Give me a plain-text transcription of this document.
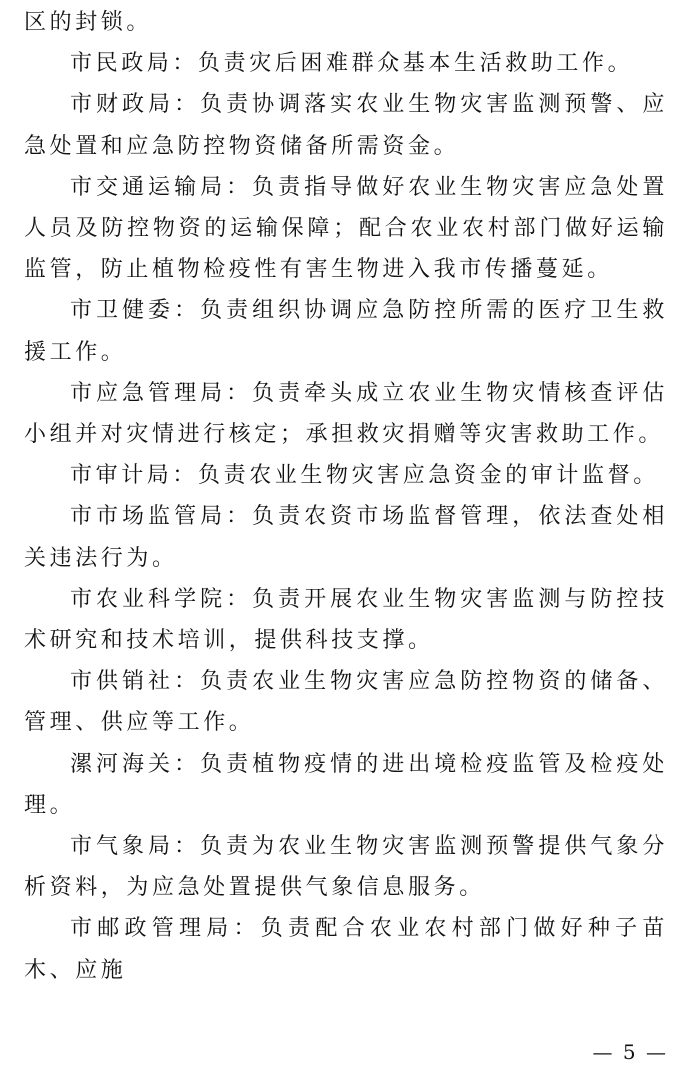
区的封锁。

市民政局：负责灾后困难群众基本生活救助工作。

市财政局：负责协调落实农业生物灾害监测预警、应急处置和应急防控物资储备所需资金。

市交通运输局：负责指导做好农业生物灾害应急处置人员及防控物资的运输保障；配合农业农村部门做好运输监管，防止植物检疫性有害生物进入我市传播蔓延。

市卫健委：负责组织协调应急防控所需的医疗卫生救援工作。

市应急管理局：负责牵头成立农业生物灾情核查评估小组并对灾情进行核定；承担救灾捐赠等灾害救助工作。

市审计局：负责农业生物灾害应急资金的审计监督。

市市场监管局：负责农资市场监督管理，依法查处相关违法行为。

市农业科学院：负责开展农业生物灾害监测与防控技术研究和技术培训，提供科技支撑。

市供销社：负责农业生物灾害应急防控物资的储备、管理、供应等工作。

漯河海关：负责植物疫情的进出境检疫监管及检疫处理。

市气象局：负责为农业生物灾害监测预警提供气象分析资料，为应急处置提供气象信息服务。

市邮政管理局：负责配合农业农村部门做好种子苗木、应施

— 5 —
